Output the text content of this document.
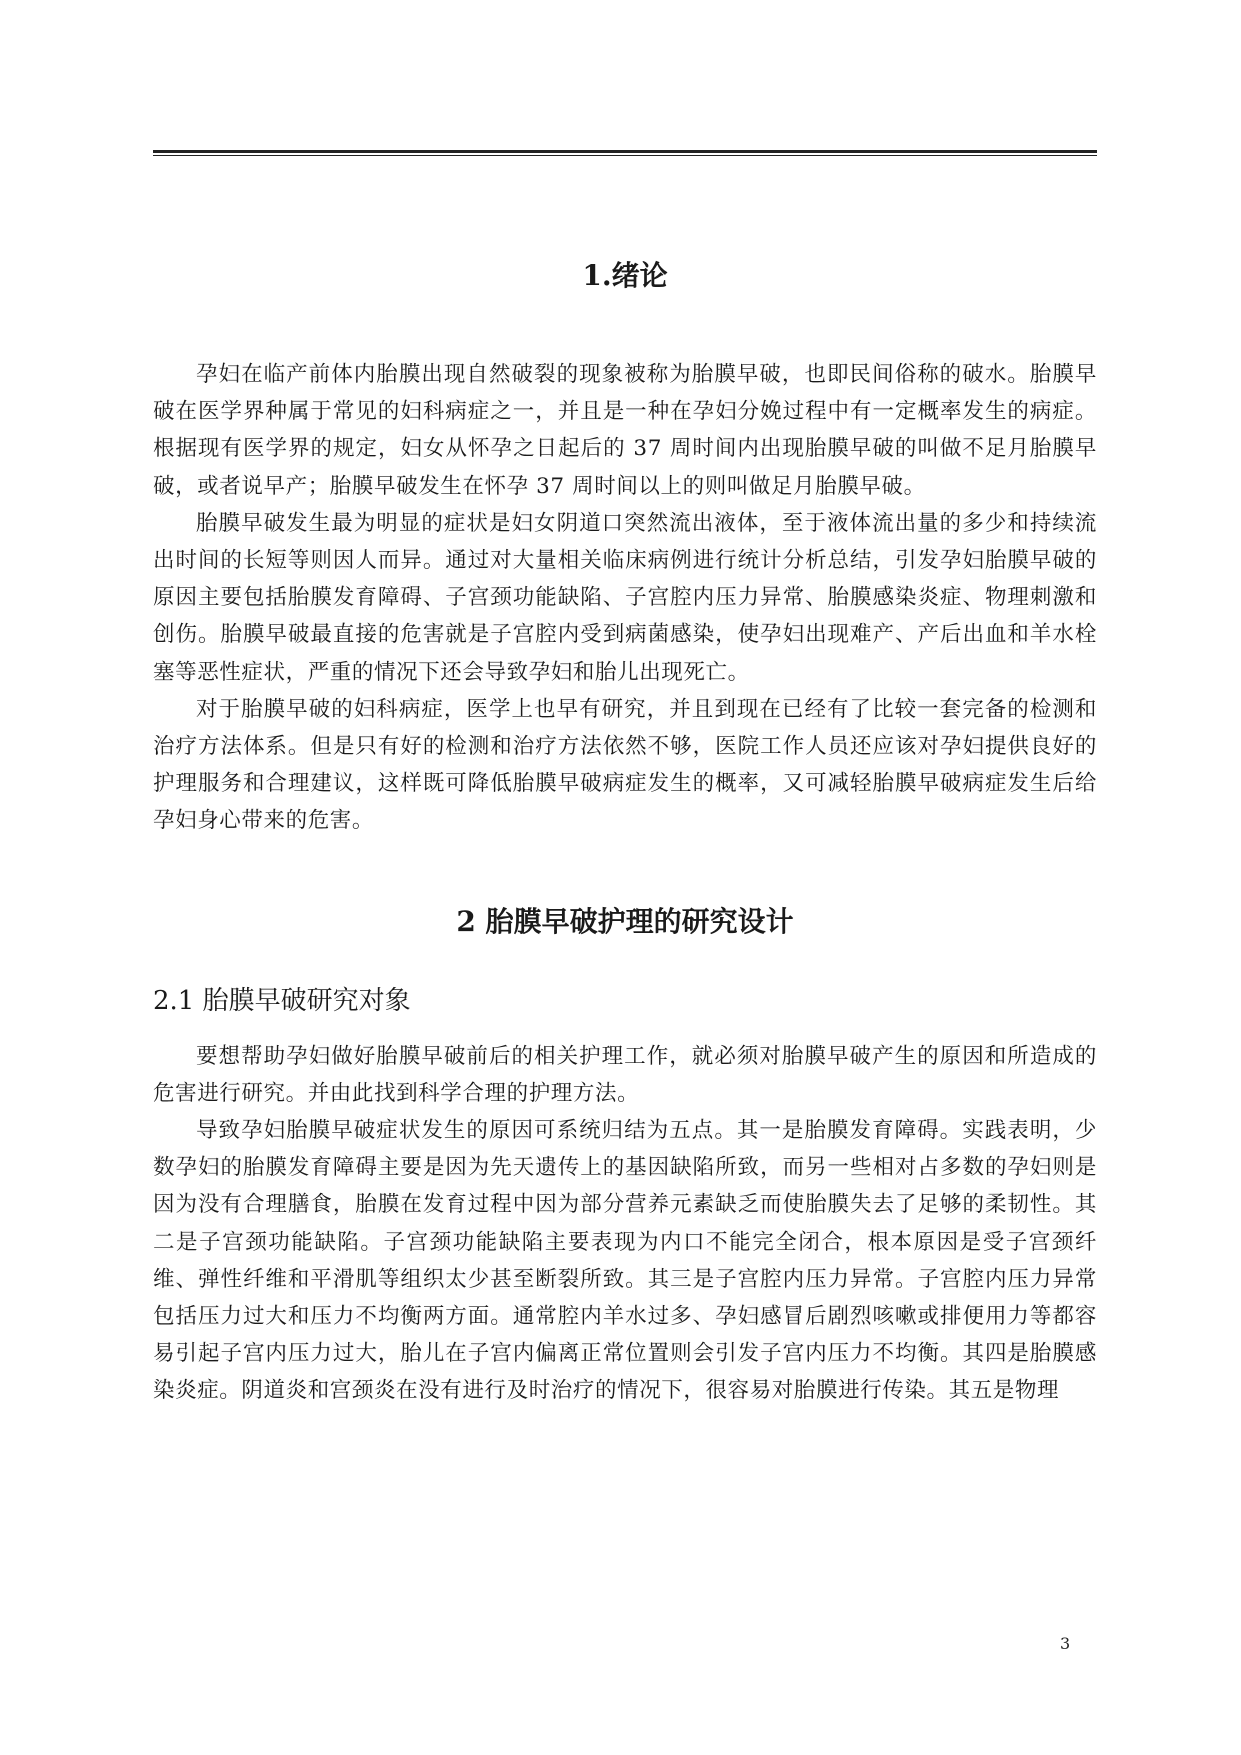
1.绪论

孕妇在临产前体内胎膜出现自然破裂的现象被称为胎膜早破，也即民间俗称的破水。胎膜早破在医学界种属于常见的妇科病症之一，并且是一种在孕妇分娩过程中有一定概率发生的病症。根据现有医学界的规定，妇女从怀孕之日起后的 37 周时间内出现胎膜早破的叫做不足月胎膜早破，或者说早产；胎膜早破发生在怀孕 37 周时间以上的则叫做足月胎膜早破。

胎膜早破发生最为明显的症状是妇女阴道口突然流出液体，至于液体流出量的多少和持续流出时间的长短等则因人而异。通过对大量相关临床病例进行统计分析总结，引发孕妇胎膜早破的原因主要包括胎膜发育障碍、子宫颈功能缺陷、子宫腔内压力异常、胎膜感染炎症、物理刺激和创伤。胎膜早破最直接的危害就是子宫腔内受到病菌感染，使孕妇出现难产、产后出血和羊水栓塞等恶性症状，严重的情况下还会导致孕妇和胎儿出现死亡。

对于胎膜早破的妇科病症，医学上也早有研究，并且到现在已经有了比较一套完备的检测和治疗方法体系。但是只有好的检测和治疗方法依然不够，医院工作人员还应该对孕妇提供良好的护理服务和合理建议，这样既可降低胎膜早破病症发生的概率，又可减轻胎膜早破病症发生后给孕妇身心带来的危害。

2 胎膜早破护理的研究设计
2.1 胎膜早破研究对象

要想帮助孕妇做好胎膜早破前后的相关护理工作，就必须对胎膜早破产生的原因和所造成的危害进行研究。并由此找到科学合理的护理方法。

导致孕妇胎膜早破症状发生的原因可系统归结为五点。其一是胎膜发育障碍。实践表明，少数孕妇的胎膜发育障碍主要是因为先天遗传上的基因缺陷所致，而另一些相对占多数的孕妇则是因为没有合理膳食，胎膜在发育过程中因为部分营养元素缺乏而使胎膜失去了足够的柔韧性。其二是子宫颈功能缺陷。子宫颈功能缺陷主要表现为内口不能完全闭合，根本原因是受子宫颈纤维、弹性纤维和平滑肌等组织太少甚至断裂所致。其三是子宫腔内压力异常。子宫腔内压力异常包括压力过大和压力不均衡两方面。通常腔内羊水过多、孕妇感冒后剧烈咳嗽或排便用力等都容易引起子宫内压力过大，胎儿在子宫内偏离正常位置则会引发子宫内压力不均衡。其四是胎膜感染炎症。阴道炎和宫颈炎在没有进行及时治疗的情况下，很容易对胎膜进行传染。其五是物理

3
